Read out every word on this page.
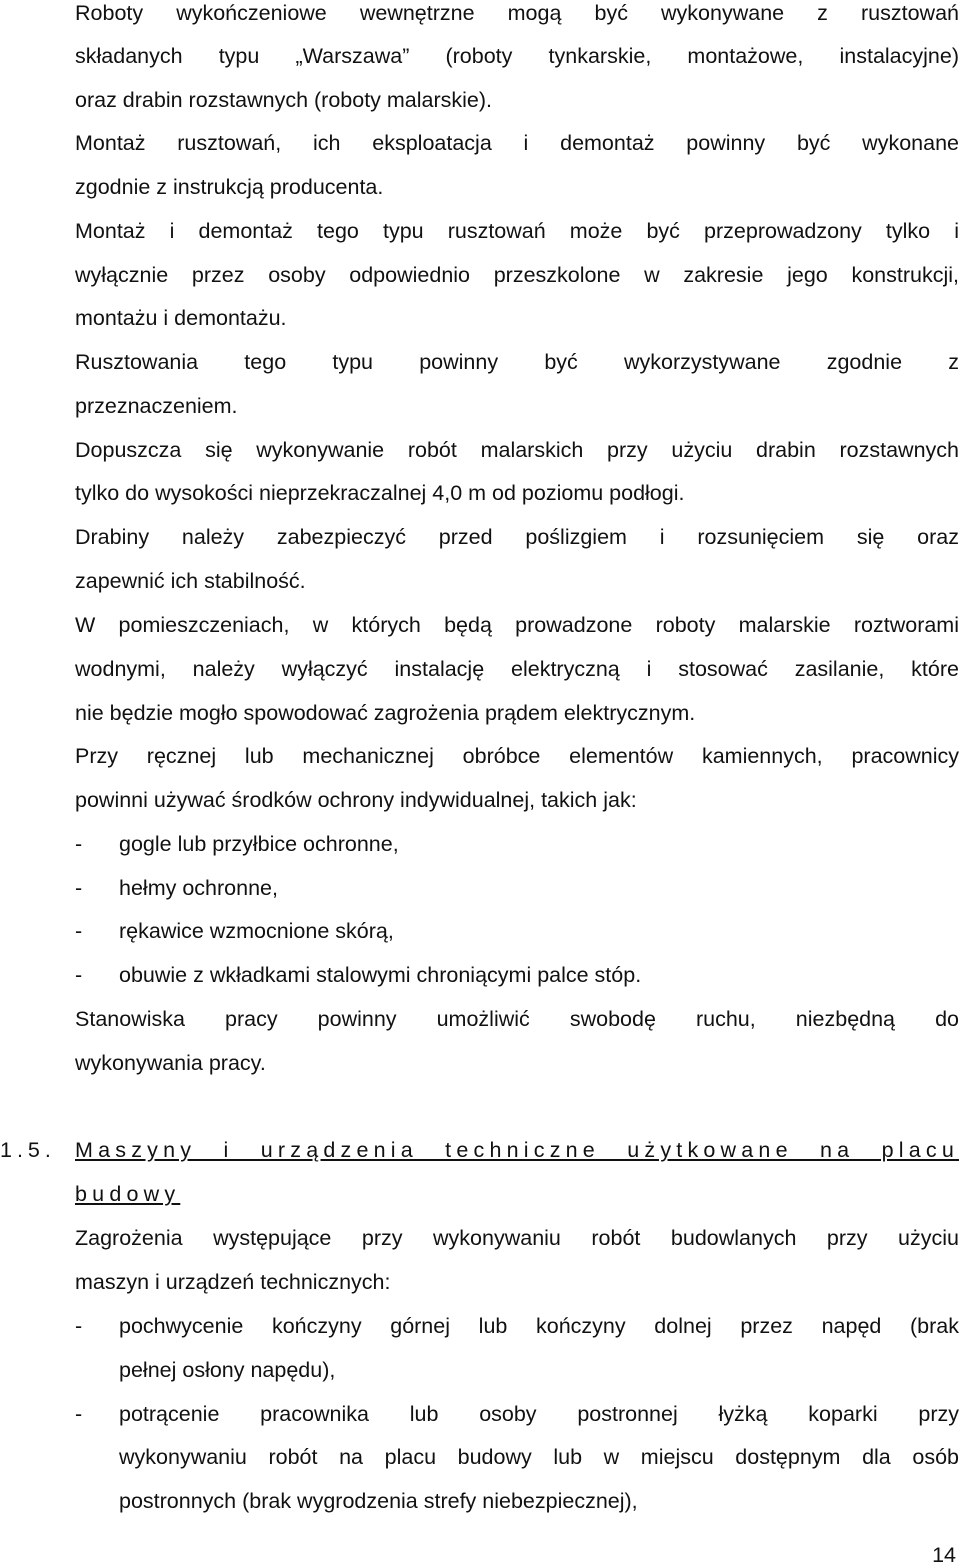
Roboty wykończeniowe wewnętrzne mogą być wykonywane z rusztowań
składanych typu „Warszawa” (roboty tynkarskie, montażowe, instalacyjne)
oraz drabin rozstawnych (roboty malarskie).
Montaż rusztowań, ich eksploatacja i demontaż powinny być wykonane
zgodnie z instrukcją producenta.
Montaż i demontaż tego typu rusztowań może być przeprowadzony tylko i
wyłącznie przez osoby odpowiednio przeszkolone w zakresie jego konstrukcji,
montażu i demontażu.
Rusztowania tego typu powinny być wykorzystywane zgodnie z
przeznaczeniem.
Dopuszcza się wykonywanie robót malarskich przy użyciu drabin rozstawnych
tylko do wysokości nieprzekraczalnej 4,0 m od poziomu podłogi.
Drabiny należy zabezpieczyć przed poślizgiem i rozsunięciem się oraz
zapewnić ich stabilność.
W pomieszczeniach, w których będą prowadzone roboty malarskie roztworami
wodnymi, należy wyłączyć instalację elektryczną i stosować zasilanie, które
nie będzie mogło spowodować zagrożenia prądem elektrycznym.
Przy ręcznej lub mechanicznej obróbce elementów kamiennych, pracownicy
powinni używać środków ochrony indywidualnej, takich jak:
- gogle lub przyłbice ochronne,
- hełmy ochronne,
- rękawice wzmocnione skórą,
- obuwie z wkładkami stalowymi chroniącymi palce stóp.
Stanowiska pracy powinny umożliwić swobodę ruchu, niezbędną do
wykonywania pracy.
1.5. Maszyny i urządzenia techniczne użytkowane na placu
budowy
Zagrożenia występujące przy wykonywaniu robót budowlanych przy użyciu
maszyn i urządzeń technicznych:
- pochwycenie kończyny górnej lub kończyny dolnej przez napęd (brak
pełnej osłony napędu),
- potrącenie pracownika lub osoby postronnej łyżką koparki przy
wykonywaniu robót na placu budowy lub w miejscu dostępnym dla osób
postronnych (brak wygrodzenia strefy niebezpiecznej),
14
